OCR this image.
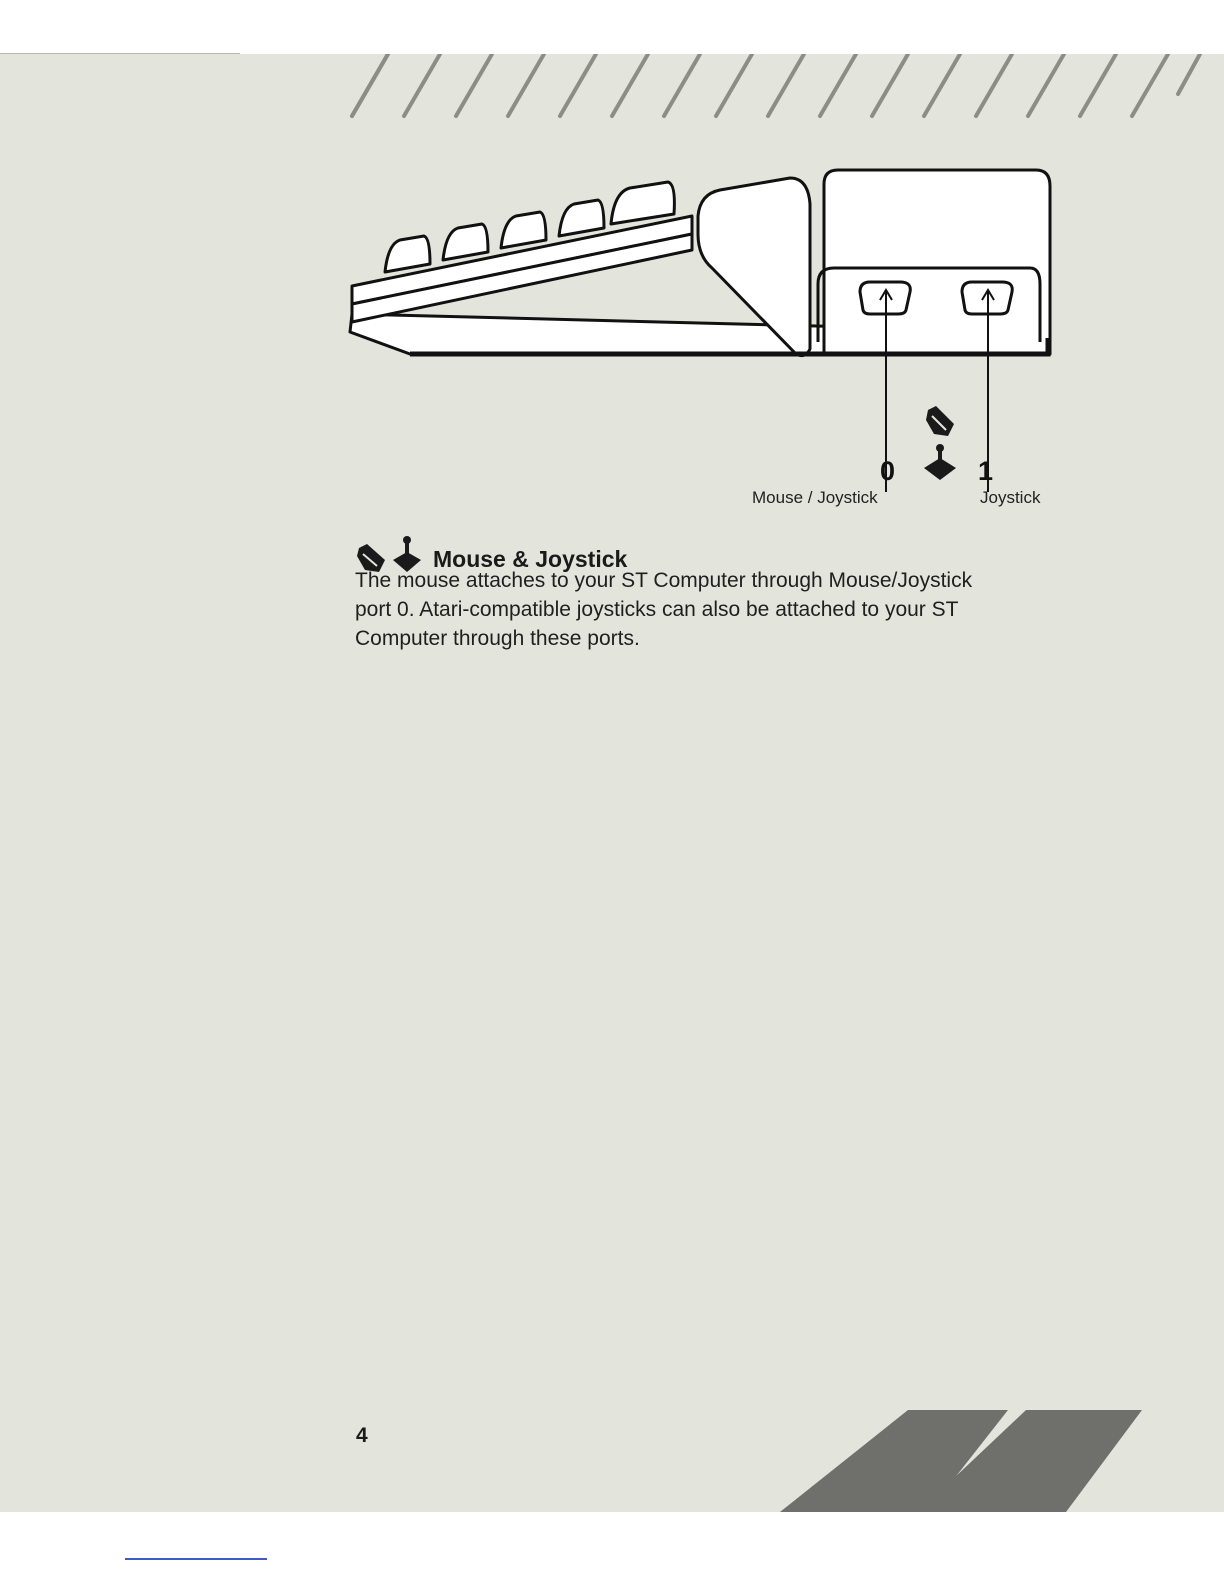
0	1
Mouse / Joystick	Joystick
Mouse & Joystick

The mouse attaches to your ST Computer through Mouse/Joystick

port 0. Atari-compatible joysticks can also be attached to your ST

Computer through these ports.

4
